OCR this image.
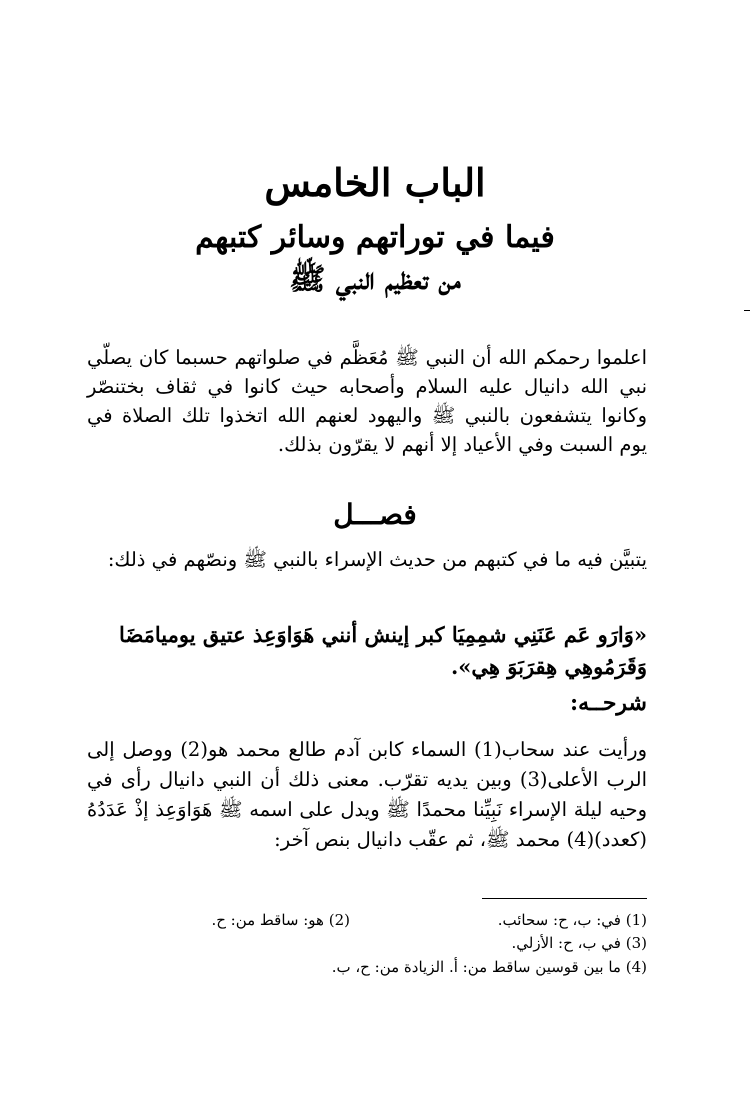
الباب الخامس
فيما في توراتهم وسائر كتبهم
من تعظيم النبي ﷺ
اعلموا رحمكم الله أن النبي ﷺ مُعَظَّم في صلواتهم حسبما كان يصلّي نبي الله دانيال عليه السلام وأصحابه حيث كانوا في ثقاف بختنصّر وكانوا يتشفعون بالنبي ﷺ واليهود لعنهم الله اتخذوا تلك الصلاة في يوم السبت وفي الأعياد إلا أنهم لا يقرّون بذلك.
فصـــل
يتبيَّن فيه ما في كتبهم من حديث الإسراء بالنبي ﷺ ونصّهم في ذلك:
«وَارَو عَم عَنَنِي شمِمِيَا كبر إينش أنني هَوَاوَعِذ عتيق يوميامَضَا وَقَرَمُوهِي هِقرَبَوَ هِي».
شرحــه:
ورأيت عند سحاب(1) السماء كابن آدم طالع محمد هو(2) ووصل إلى الرب الأعلى(3) وبين يديه تقرّب. معنى ذلك أن النبي دانيال رأى في وحيه ليلة الإسراء نَبِيِّنا محمدًا ﷺ ويدل على اسمه ﷺ هَوَاوَعِذ إذْ عَدَدُهُ (كعدد)(4) محمد ﷺ، ثم عقّب دانيال بنص آخر:
(1) في: ب، ح: سحائب.
(2) هو: ساقط من: ح.
(3) في ب، ح: الأزلي.
(4) ما بين قوسين ساقط من: أ. الزيادة من: ح، ب.
